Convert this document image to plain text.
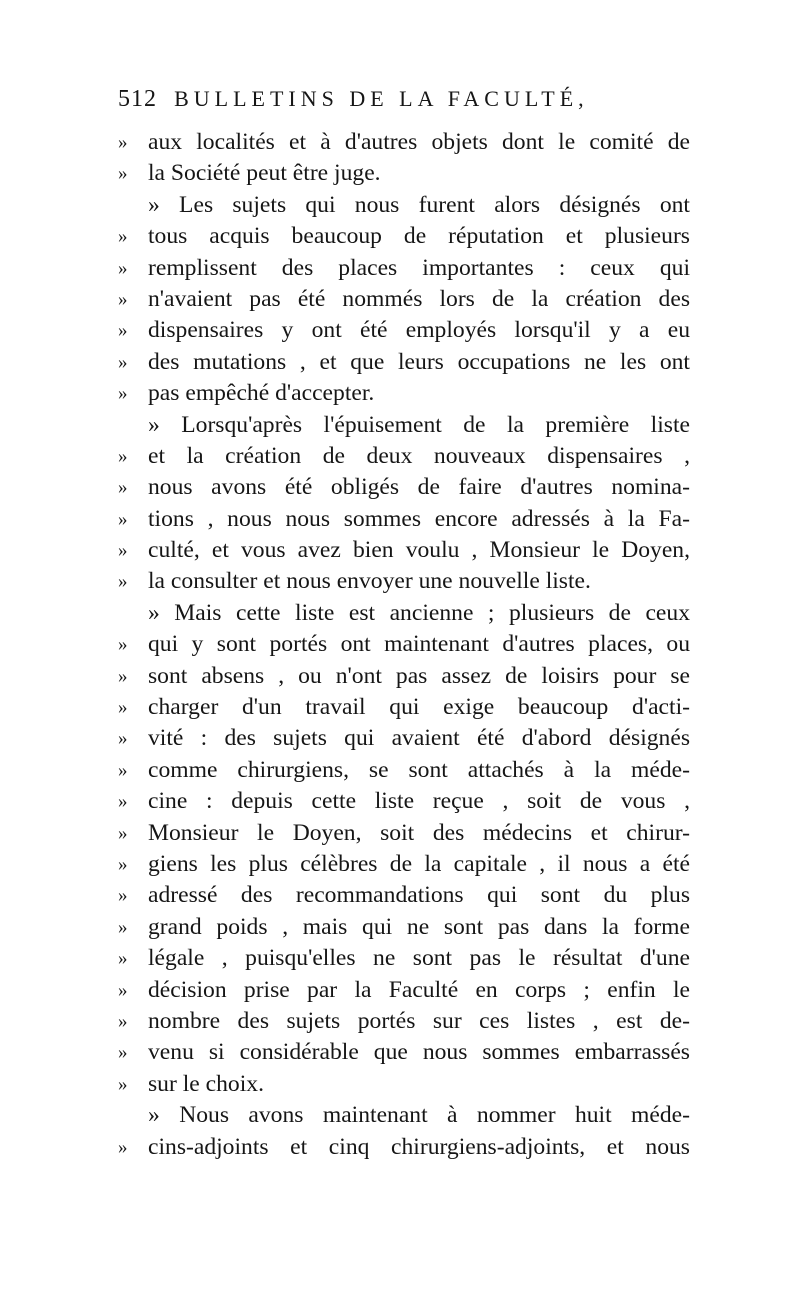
512 BULLETINS DE LA FACULTÉ,
» aux localités et à d'autres objets dont le comité de
» la Société peut être juge.
» Les sujets qui nous furent alors désignés ont
» tous acquis beaucoup de réputation et plusieurs
» remplissent des places importantes : ceux qui
» n'avaient pas été nommés lors de la création des
» dispensaires y ont été employés lorsqu'il y a eu
» des mutations , et que leurs occupations ne les ont
» pas empêché d'accepter.
» Lorsqu'après l'épuisement de la première liste
» et la création de deux nouveaux dispensaires ,
» nous avons été obligés de faire d'autres nomina-
» tions , nous nous sommes encore adressés à la Fa-
» culté, et vous avez bien voulu , Monsieur le Doyen,
» la consulter et nous envoyer une nouvelle liste.
» Mais cette liste est ancienne ; plusieurs de ceux
» qui y sont portés ont maintenant d'autres places, ou
» sont absens , ou n'ont pas assez de loisirs pour se
» charger d'un travail qui exige beaucoup d'acti-
» vité : des sujets qui avaient été d'abord désignés
» comme chirurgiens, se sont attachés à la méde-
» cine : depuis cette liste reçue , soit de vous ,
» Monsieur le Doyen, soit des médecins et chirur-
» giens les plus célèbres de la capitale , il nous a été
» adressé des recommandations qui sont du plus
» grand poids , mais qui ne sont pas dans la forme
» légale , puisqu'elles ne sont pas le résultat d'une
» décision prise par la Faculté en corps ; enfin le
» nombre des sujets portés sur ces listes , est de-
» venu si considérable que nous sommes embarrassés
» sur le choix.
» Nous avons maintenant à nommer huit méde-
» cins-adjoints et cinq chirurgiens-adjoints, et nous
